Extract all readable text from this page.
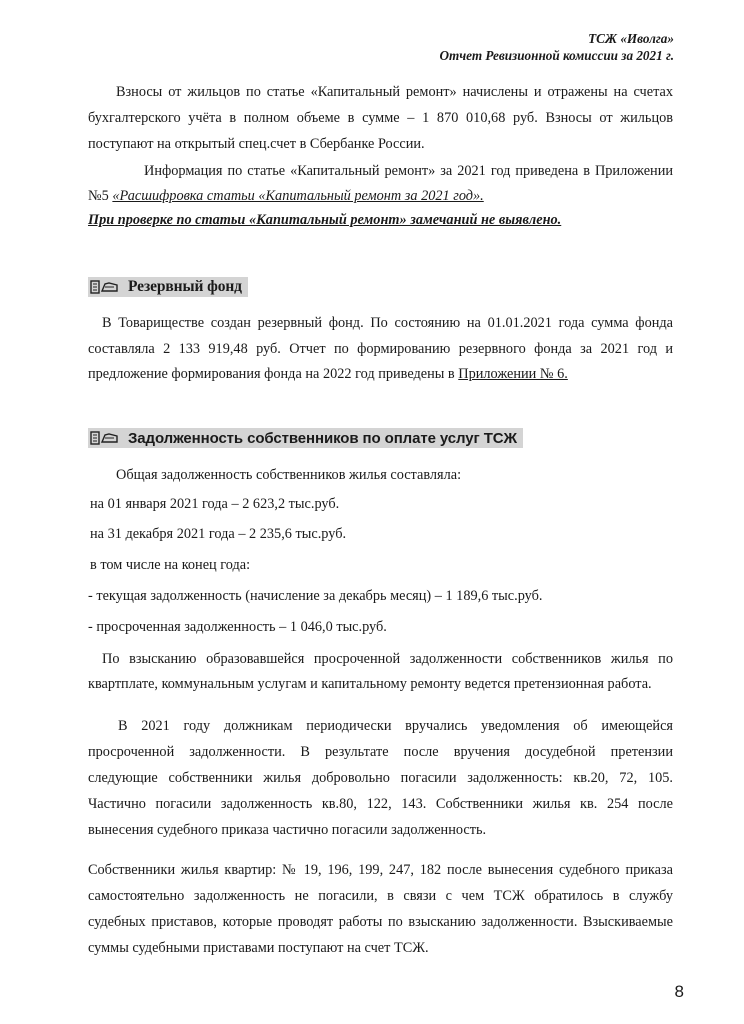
ТСЖ «Иволга»
Отчет Ревизионной комиссии за 2021 г.
Взносы от жильцов по статье «Капитальный ремонт» начислены и отражены на счетах
бухгалтерского учёта в полном объеме в сумме – 1 870 010,68 руб. Взносы от жильцов
поступают на открытый спец.счет в Сбербанке России.
Информация по статье «Капитальный ремонт» за 2021 год приведена в Приложении
№5 «Расшифровка статьи «Капитальный ремонт за 2021 год».
При проверке по статьи «Капитальный ремонт» замечаний не выявлено.
Резервный фонд
В Товариществе создан резервный фонд. По состоянию на 01.01.2021 года сумма фонда
составляла 2 133 919,48 руб. Отчет по формированию резервного фонда за 2021 год и
предложение формирования фонда на 2022 год приведены в Приложении № 6.
Задолженность собственников по оплате услуг ТСЖ
Общая задолженность собственников жилья составляла:
на 01 января 2021 года – 2 623,2 тыс.руб.
на 31 декабря 2021 года – 2 235,6 тыс.руб.
в том числе на конец года:
- текущая задолженность (начисление за декабрь месяц) – 1 189,6 тыс.руб.
- просроченная задолженность – 1 046,0 тыс.руб.
По взысканию образовавшейся просроченной задолженности собственников жилья по
квартплате, коммунальным услугам и капитальному ремонту ведется претензионная работа.
В 2021 году должникам периодически вручались уведомления об имеющейся
просроченной задолженности. В результате после вручения досудебной претензии
следующие собственники жилья добровольно погасили задолженность: кв.20, 72, 105.
Частично погасили задолженность кв.80, 122, 143. Собственники жилья кв. 254 после
вынесения судебного приказа частично погасили задолженность.
Собственники жилья квартир: № 19, 196, 199, 247, 182 после вынесения судебного приказа
самостоятельно задолженность не погасили, в связи с чем ТСЖ обратилось в службу
судебных приставов, которые проводят работы по взысканию задолженности. Взыскиваемые
суммы судебными приставами поступают на счет ТСЖ.
8
